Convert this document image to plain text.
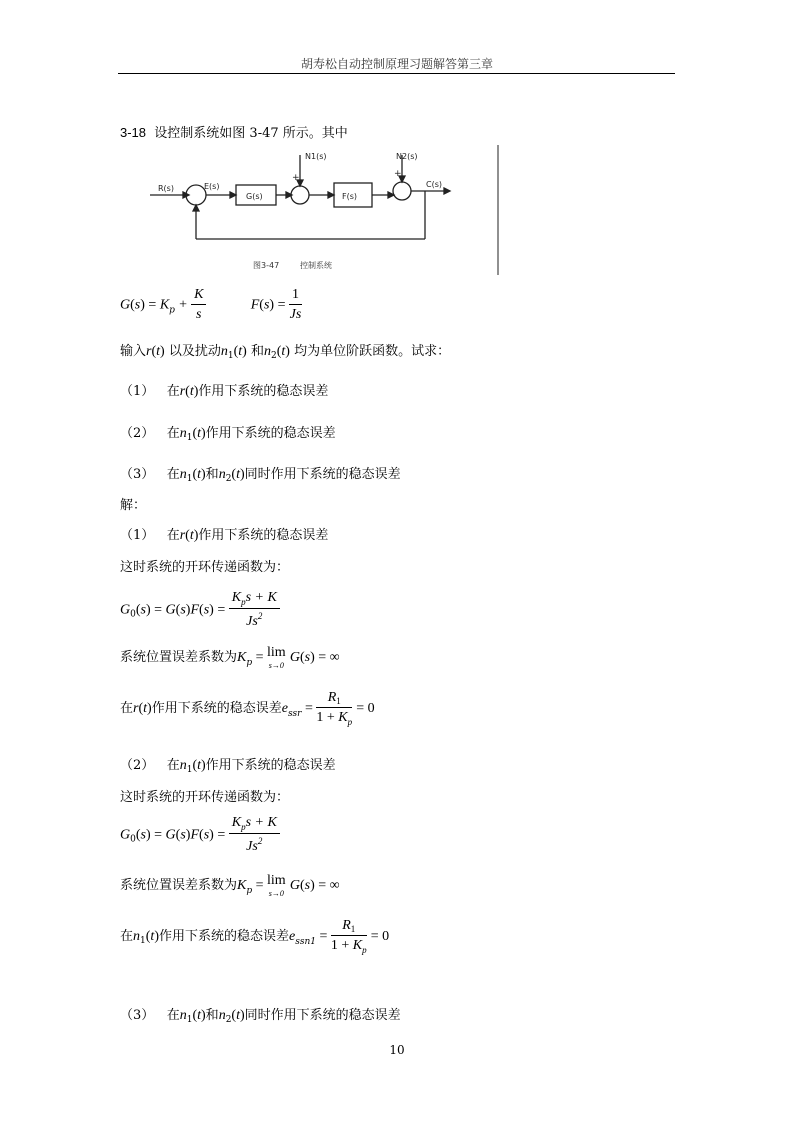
胡寿松自动控制原理习题解答第三章
3-18 设控制系统如图 3-47 所示。其中
R(s)	E(s)
G(s)
N1(s)
F(s)
N2(s)
C(s)
+	+
图3-47	控制系统
$G(s) = K_p + \frac{K}{s}$	$F(s) = \frac{1}{Js}$
输入r(t) 以及扰动$n_1(t)$ 和$n_2(t)$ 均为单位阶跃函数。试求：
（1） 在r(t)作用下系统的稳态误差
（2） 在$n_1(t)$作用下系统的稳态误差
（3） 在$n_1(t)$和$n_2(t)$同时作用下系统的稳态误差
解：
（1） 在r(t)作用下系统的稳态误差
这时系统的开环传递函数为：
$G_0(s) = G(s)F(s) = \frac{K_ps + K}{Js^2}$
系统位置误差系数为$K_p = \lim$
s→0
G(s) = ∞
在r(t)作用下系统的稳态误差$e_{ssr} = \frac{R_1}{1 + K_p} = 0$
（2） 在$n_1(t)$作用下系统的稳态误差
这时系统的开环传递函数为：
$G_0(s) = G(s)F(s) = \frac{K_ps + K}{Js^2}$
系统位置误差系数为$K_p = \lim$
s→0
G(s) = ∞
在$n_1(t)$作用下系统的稳态误差$e_{ssn1} = \frac{R_1}{1 + K_p} = 0$
（3） 在$n_1(t)$和$n_2(t)$同时作用下系统的稳态误差
10
